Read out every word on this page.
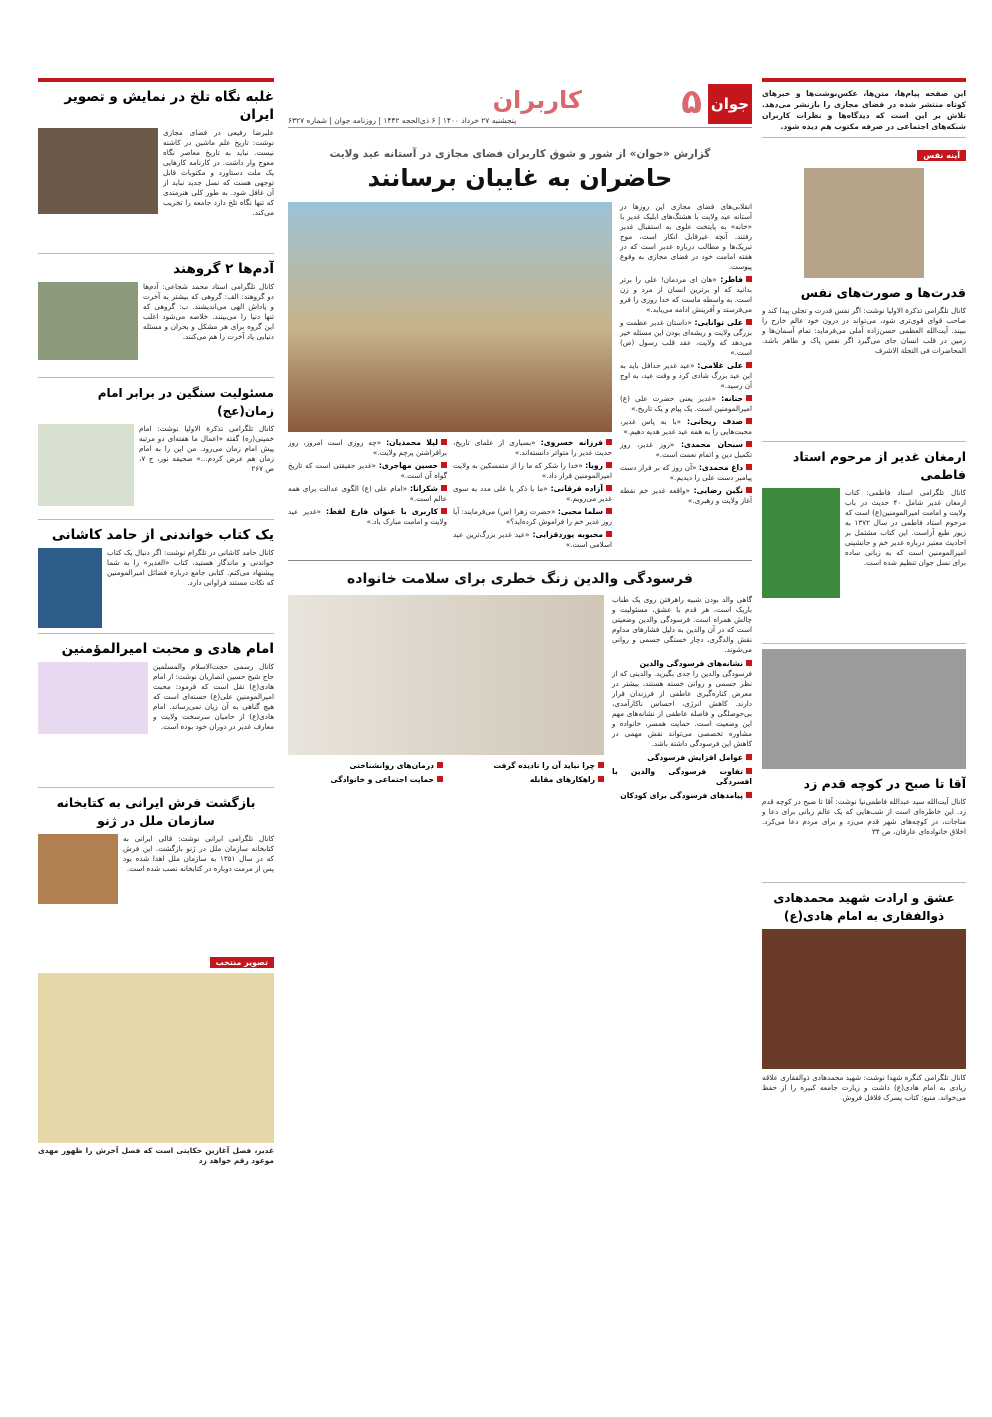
جوان
۵
کاربران
پنجشنبه ۲۷ خرداد ۱۴۰۰ | ۶ ذی‌الحجه ۱۴۴۲ | روزنامه جوان | شماره ۶۳۲۷

این صفحه پیام‌ها، متن‌ها، عکس‌نوشت‌ها و خبرهای کوتاه منتشر شده در فضای مجازی را بازنشر می‌دهد. تلاش بر این است که دیدگاه‌ها و نظرات کاربران شبکه‌های اجتماعی در صرفه مکتوب هم دیده شود.

آینه نفس
قدرت‌ها و صورت‌های نفس

کانال تلگرامی تذکرة الاولیا نوشت: اگر نفس قدرت و تجلی پیدا کند و صاحب قوای قوی‌تری شود، می‌تواند در درون خود عالم خارج را ببیند. آیت‌الله العظمی حسن‌زاده آملی می‌فرماید: تمام آسمان‌ها و زمین در قلب انسان جای می‌گیرد اگر نفس پاک و طاهر باشد. المحاضرات فی التجلة الاشرف

ارمغان غدیر از مرحوم استاد فاطمی

کانال تلگرامی استاد فاطمی: کتاب ارمغان غدیر شامل ۴۰ حدیث در باب ولایت و امامت امیرالمومنین(ع) است که مرحوم استاد فاطمی در سال ۱۳۷۲ به زیور طبع آراست. این کتاب مشتمل بر احادیث معتبر درباره غدیر خم و جانشینی امیرالمومنین است که به زبانی ساده برای نسل جوان تنظیم شده است.

آقا تا صبح در کوچه قدم زد

کانال آیت‌الله سید عبدالله فاطمی‌نیا نوشت: آقا تا صبح در کوچه قدم زد. این خاطره‌ای است از شب‌هایی که یک عالم ربانی برای دعا و مناجات، در کوچه‌های شهر قدم می‌زد و برای مردم دعا می‌کرد. اخلاق خانواده‌ای عارفان، ص ۳۴

عشق و ارادت شهید محمدهادی ذوالفقاری به امام هادی(ع)

کانال تلگرامی کنگره شهدا نوشت: شهید محمدهادی ذوالفقاری علاقه زیادی به امام هادی(ع) داشت و زیارت جامعه کبیره را از حفظ می‌خواند. منبع: کتاب پسرک فلافل فروش

گزارش «جوان» از شور و شوق کاربران فضای مجازی در آستانه عید ولایت
حاضران به غایبان برسانند

انقلابی‌های فضای مجازی این روزها در آستانه عید ولایت با هشتگ‌های ابلیک غدیر با «خانه» به پایتخت علوی به استقبال غدیر رفتند. آنچه غیرقابل انکار است، موج تبریک‌ها و مطالب درباره غدیر است که در هفته امامت خود در فضای مجازی به وقوع پیوست.

فاطر: «هان ای مردمان! علی را برتر بدانید که او برترین انسان از مرد و زن است. به واسطه ماست که خدا روزی را فرو می‌فرستد و آفرینش ادامه می‌یابد.»

علی توانایی: «داستان غدیر عظمت و بزرگی ولایت و ریشه‌ای بودن این مسئله خیر می‌دهد که ولایت، عقد قلب رسول (ص) است.»

علی غلامی: «عید غدیر حداقل باید به این عید بزرگ شادی کرد و وقت عید، به اوج آن رسید.»

حنانه: «غدیر یعنی حضرت علی (ع) امیرالمومنین است. یک پیام و یک تاریخ.»

صدف ریحانی: «با به پاس غدیر، محبت‌هایی را به همه عید غدیر هدیه دهیم.»

سبحان محمدی: «روز غدیر، روز تکمیل دین و اتمام نعمت است.»

داغ محمدی: «آن روز که بر فراز دست پیامبر دست علی را دیدیم.»

نگین رضایی: «واقعه غدیر خم نقطه آغاز ولایت و رهبری.»

فرزانه خسروی: «بسیاری از علمای تاریخ، حدیث غدیر را متواتر دانسته‌اند.»

رویا: «خدا را شکر که ما را از متمسکین به ولایت امیرالمومنین قرار داد.»

آزاده فرقانی: «ما با ذکر یا علی مدد به سوی غدیر می‌رویم.»

سلما محبی: «حضرت زهرا (س) می‌فرمایند: آیا روز غدیر خم را فراموش کرده‌اید؟»

محبوبه یوردقزایی: «عید غدیر بزرگ‌ترین عید اسلامی است.»

لیلا محمدیان: «چه روزی است امروز، روز برافراشتن پرچم ولایت.»

حسین مهاجری: «غدیر حقیقتی است که تاریخ گواه آن است.»

شکرانا: «امام علی (ع) الگوی عدالت برای همه عالم است.»

کاربری با عنوان فارغ لفظ: «غدیر عید ولایت و امامت مبارک باد.»

فرسودگی والدین زنگ خطری برای سلامت خانواده

گاهی والد بودن شبیه راهرفتن روی یک طناب باریک است، هر قدم با عشق، مسئولیت و چالش همراه است. فرسودگی والدین وضعیتی است که در آن والدین به دلیل فشارهای مداوم نقش والدگری، دچار خستگی جسمی و روانی می‌شوند.

نشانه‌های فرسودگی والدین

فرسودگی والدین را جدی بگیرید. والدینی که از نظر جسمی و روانی خسته هستند، بیشتر در معرض کناره‌گیری عاطفی از فرزندان قرار دارند. کاهش انرژی، احساس ناکارآمدی، بی‌حوصلگی و فاصله عاطفی از نشانه‌های مهم این وضعیت است. حمایت همسر، خانواده و مشاوره تخصصی می‌تواند نقش مهمی در کاهش این فرسودگی داشته باشد.

عوامل افزایش فرسودگی

تفاوت فرسودگی والدین با افسردگی

پیامدهای فرسودگی برای کودکان

چرا نباید آن را نادیده گرفت

راهکارهای مقابله

درمان‌های روانشناختی

حمایت اجتماعی و خانوادگی

غلبه نگاه تلخ در نمایش و تصویر ایران

علیرضا رفیعی در فضای مجازی نوشت: تاریخ علم ماشین در کاشنه نیست. نباید به تاریخ معاصر نگاه معوج وار داشت. در کارنامه کارهایی یک ملت دستاورد و مکتوبات قابل توجهی هست که نسل جدید نباید از آن غافل شود. به طور کلی هنرمندی که تنها نگاه تلخ دارد جامعه را تخریب می‌کند.

آدم‌ها ۲ گروهند

کانال تلگرامی استاد محمد شجاعی: آدم‌ها دو گروهند: الف: گروهی که بیشتر به آخرت و پاداش الهی می‌اندیشند. ب: گروهی که تنها دنیا را می‌بینند. خلاصه می‌شود اغلب این گروه برای هر مشکل و بحران و مسئله دنیایی یاد آخرت را هم می‌کنند.

مسئولیت سنگین در برابر امام زمان(عج)

کانال تلگرامی تذکرة الاولیا نوشت: امام خمینی(ره) گفته «اعمال ما هفته‌ای دو مرتبه پیش امام زمان می‌رود. من این را به امام زمان هم عرض کردم...» صحیفه نور، ج ۷، ص ۲۶۷

یک کتاب خواندنی از حامد کاشانی

کانال حامد کاشانی در تلگرام نوشت: اگر دنبال یک کتاب خواندنی و ماندگار هستید، کتاب «الغدیر» را به شما پیشنهاد می‌کنم. کتابی جامع درباره فضائل امیرالمومنین که نکات مستند فراوانی دارد.

امام هادی و محبت امیرالمؤمنین

کانال رسمی حجت‌الاسلام والمسلمین حاج شیخ حسین انصاریان نوشت: از امام هادی(ع) نقل است که فرمود: محبت امیرالمومنین علی(ع) حسنه‌ای است که هیچ گناهی به آن زیان نمی‌رساند. امام هادی(ع) از حامیان سرسخت ولایت و معارف غدیر در دوران خود بوده است.

بازگشت فرش ایرانی به کتابخانه سازمان ملل در ژنو

کانال تلگرامی ایرانی نوشت: قالی ایرانی به کتابخانه سازمان ملل در ژنو بازگشت. این فرش که در سال ۱۳۵۱ به سازمان ملل اهدا شده بود پس از مرمت دوباره در کتابخانه نصب شده است.

تصویر منتخب

غدیر، فصل آغازین حکایتی است که فصل آخرش را ظهور مهدی موعود رقم خواهد زد
